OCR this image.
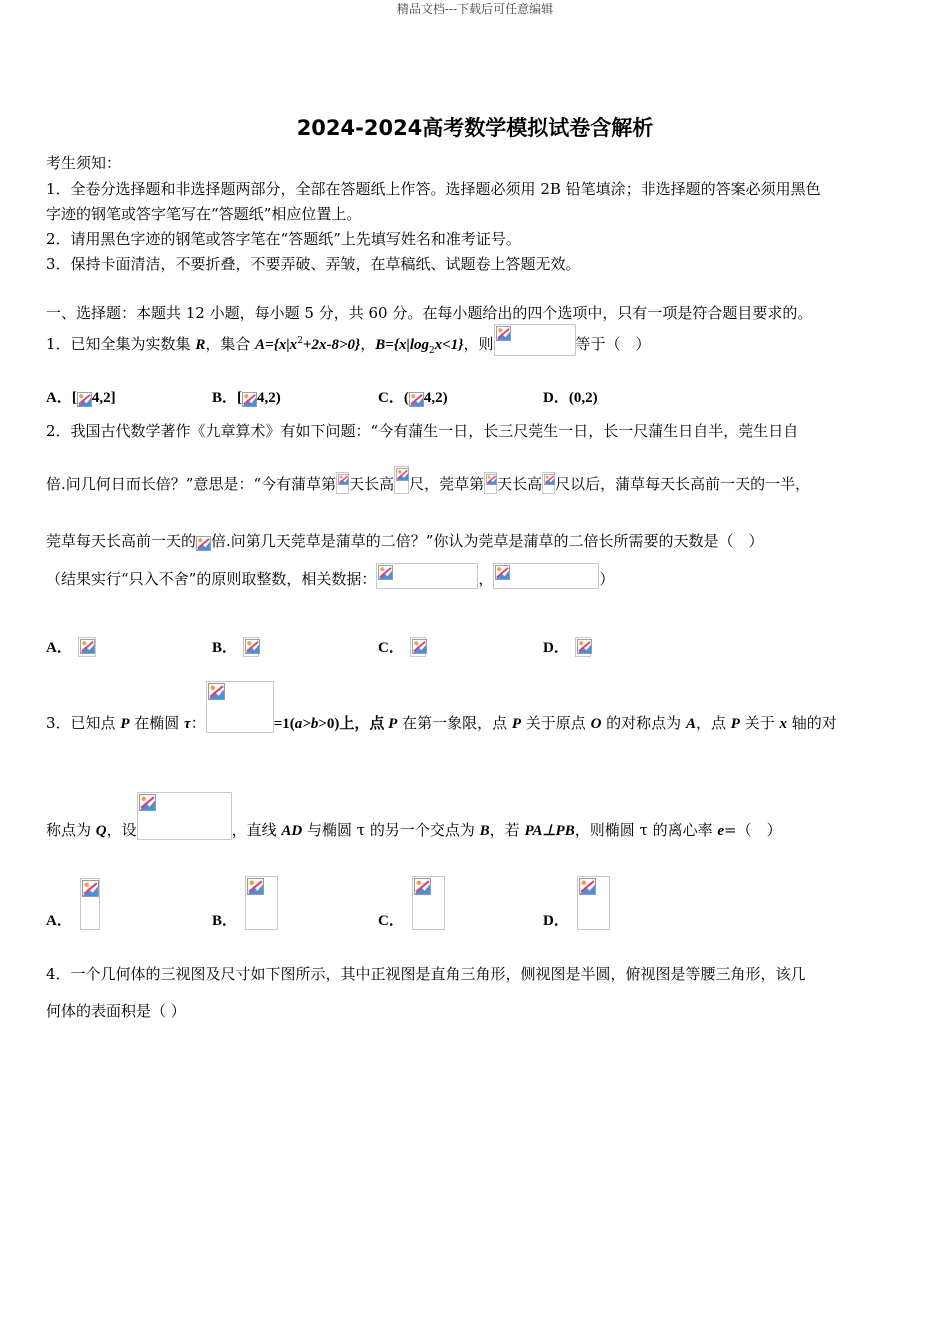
精品文档---下载后可任意编辑
2024-2024高考数学模拟试卷含解析
考生须知：
1．全卷分选择题和非选择题两部分，全部在答题纸上作答。选择题必须用 2B 铅笔填涂；非选择题的答案必须用黑色
字迹的钢笔或答字笔写在“答题纸”相应位置上。
2．请用黑色字迹的钢笔或答字笔在“答题纸”上先填写姓名和准考证号。
3．保持卡面清洁，不要折叠，不要弄破、弄皱，在草稿纸、试题卷上答题无效。
一、选择题：本题共 12 小题，每小题 5 分，共 60 分。在每小题给出的四个选项中，只有一项是符合题目要求的。
1．已知全集为实数集 R，集合 $A=\{x|x^2+2x-8>0\}$，$B=\{x|\log_2x<1\}$，则	等于（　）
A．[ 4,2]	B．[ 4,2)	C．( 4,2)	D．(0,2)
2．我国古代数学著作《九章算术》有如下问题：“今有蒲生一日，长三尺莞生一日，长一尺蒲生日自半，莞生日自
倍.问几何日而长倍？”意思是：“今有蒲草第 天长高 尺，莞草第 天长高 尺以后，蒲草每天长高前一天的一半，
莞草每天长高前一天的 倍.问第几天莞草是蒲草的二倍？”你认为莞草是蒲草的二倍长所需要的天数是（　）
（结果实行“只入不舍”的原则取整数，相关数据：	，	）
A．	B．	C．	D．
3．已知点 P 在椭圆 τ：	=1(a>b>0)上，点 P 在第一象限，点 P 关于原点 O 的对称点为 A，点 P 关于 x 轴的对
称点为 Q，设	，直线 AD 与椭圆 τ 的另一个交点为 B，若 PA⊥PB，则椭圆 τ 的离心率 e=（　）
A．	B．	C．	D．
4．一个几何体的三视图及尺寸如下图所示，其中正视图是直角三角形，侧视图是半圆，俯视图是等腰三角形，该几
何体的表面积是（ ）
